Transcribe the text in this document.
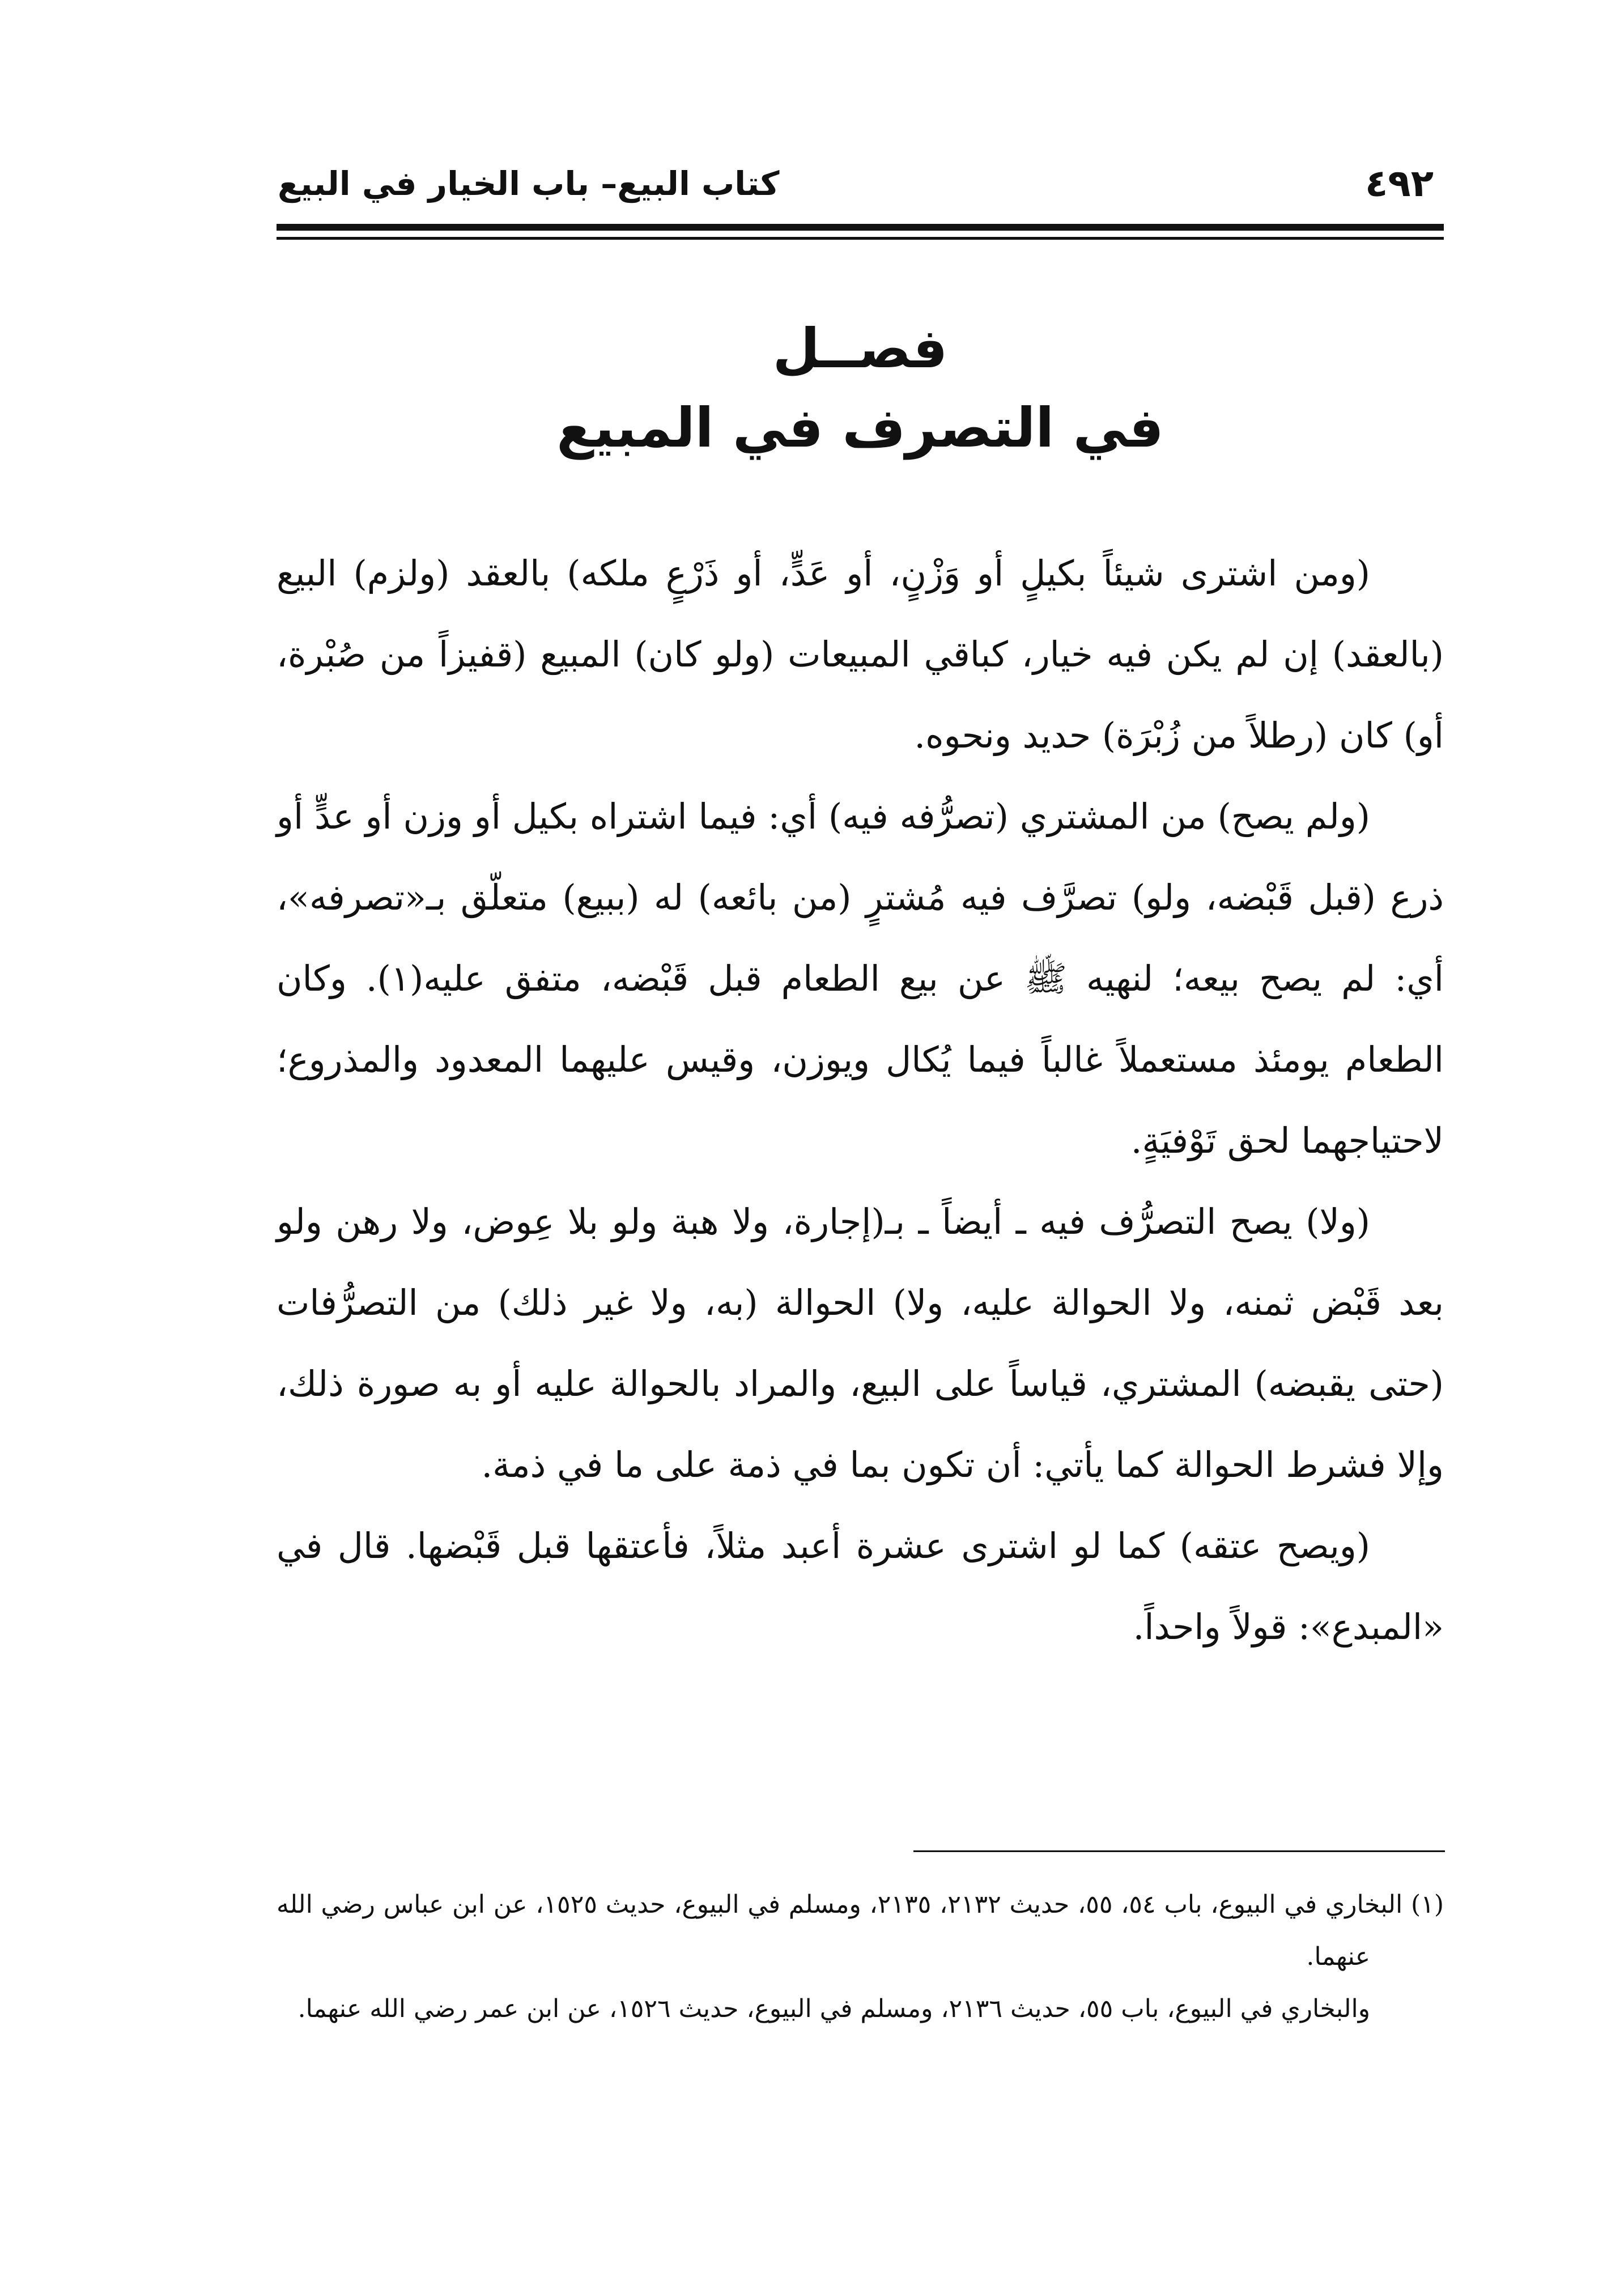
٤٩٢
كتاب البيع– باب الخيار في البيع
فصــل
في التصرف في المبيع

(ومن اشترى شيئاً بكيلٍ أو وَزْنٍ، أو عَدٍّ، أو ذَرْعٍ ملكه) بالعقد (ولزم) البيع (بالعقد) إن لم يكن فيه خيار، كباقي المبيعات (ولو كان) المبيع (قفيزاً من صُبْرة، أو) كان (رطلاً من زُبْرَة) حديد ونحوه.

(ولم يصح) من المشتري (تصرُّفه فيه) أي: فيما اشتراه بكيل أو وزن أو عدٍّ أو ذرع (قبل قَبْضه، ولو) تصرَّف فيه مُشترٍ (من بائعه) له (ببيع) متعلّق بـ«تصرفه»، أي: لم يصح بيعه؛ لنهيه ﷺ عن بيع الطعام قبل قَبْضه، متفق عليه(١). وكان الطعام يومئذ مستعملاً غالباً فيما يُكال ويوزن، وقيس عليهما المعدود والمذروع؛ لاحتياجهما لحق تَوْفيَةٍ.

(ولا) يصح التصرُّف فيه ـ أيضاً ـ بـ(إجارة، ولا هبة ولو بلا عِوض، ولا رهن ولو بعد قَبْض ثمنه، ولا الحوالة عليه، ولا) الحوالة (به، ولا غير ذلك) من التصرُّفات (حتى يقبضه) المشتري، قياساً على البيع، والمراد بالحوالة عليه أو به صورة ذلك، وإلا فشرط الحوالة كما يأتي: أن تكون بما في ذمة على ما في ذمة.

(ويصح عتقه) كما لو اشترى عشرة أعبد مثلاً، فأعتقها قبل قَبْضها. قال في «المبدع»: قولاً واحداً.

(١) البخاري في البيوع، باب ٥٤، ٥٥، حديث ٢١٣٢، ٢١٣٥، ومسلم في البيوع، حديث ١٥٢٥، عن ابن عباس رضي الله عنهما.

والبخاري في البيوع، باب ٥٥، حديث ٢١٣٦، ومسلم في البيوع، حديث ١٥٢٦، عن ابن عمر رضي الله عنهما.
